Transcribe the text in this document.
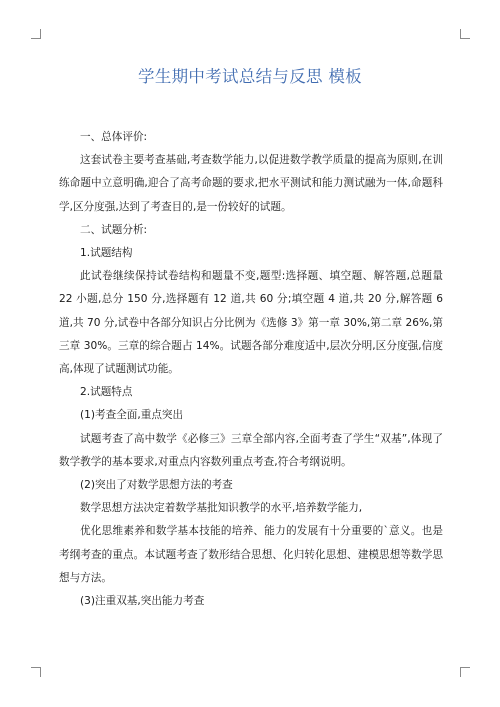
学生期中考试总结与反思 模板

一、总体评价:

这套试卷主要考查基础,考查数学能力,以促进数学教学质量的提高为原则,在训练命题中立意明确,迎合了高考命题的要求,把水平测试和能力测试融为一体,命题科学,区分度强,达到了考查目的,是一份较好的试题。

二、试题分析:

1.试题结构

此试卷继续保持试卷结构和题量不变,题型:选择题、填空题、解答题,总题量 22 小题,总分 150 分,选择题有 12 道,共 60 分;填空题 4 道,共 20 分,解答题 6 道,共 70 分,试卷中各部分知识占分比例为《选修 3》第一章 30%,第二章 26%,第三章 30%。三章的综合题占 14%。试题各部分难度适中,层次分明,区分度强,信度高,体现了试题测试功能。

2.试题特点

(1)考查全面,重点突出

试题考查了高中数学《必修三》三章全部内容,全面考查了学生“双基”,体现了数学教学的基本要求,对重点内容数列重点考查,符合考纲说明。

(2)突出了对数学思想方法的考查

数学思想方法决定着数学基批知识教学的水平,培养数学能力,

优化思维素养和数学基本技能的培养、能力的发展有十分重要的`意义。也是考纲考查的重点。本试题考查了数形结合思想、化归转化思想、建模思想等数学思想与方法。

(3)注重双基,突出能力考查
